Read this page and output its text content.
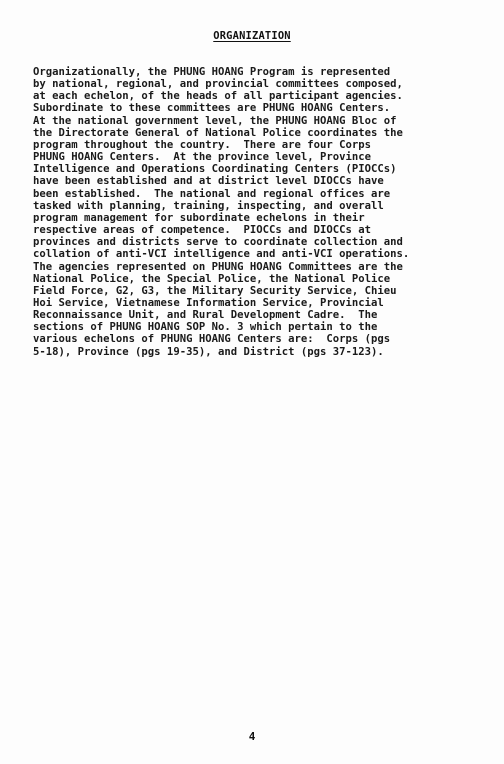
ORGANIZATION
Organizationally, the PHUNG HOANG Program is represented
by national, regional, and provincial committees composed,
at each echelon, of the heads of all participant agencies.
Subordinate to these committees are PHUNG HOANG Centers.
At the national government level, the PHUNG HOANG Bloc of
the Directorate General of National Police coordinates the
program throughout the country.  There are four Corps
PHUNG HOANG Centers.  At the province level, Province
Intelligence and Operations Coordinating Centers (PIOCCs)
have been established and at district level DIOCCs have
been established.  The national and regional offices are
tasked with planning, training, inspecting, and overall
program management for subordinate echelons in their
respective areas of competence.  PIOCCs and DIOCCs at
provinces and districts serve to coordinate collection and
collation of anti-VCI intelligence and anti-VCI operations.
The agencies represented on PHUNG HOANG Committees are the
National Police, the Special Police, the National Police
Field Force, G2, G3, the Military Security Service, Chieu
Hoi Service, Vietnamese Information Service, Provincial
Reconnaissance Unit, and Rural Development Cadre.  The
sections of PHUNG HOANG SOP No. 3 which pertain to the
various echelons of PHUNG HOANG Centers are:  Corps (pgs
5-18), Province (pgs 19-35), and District (pgs 37-123).
4
